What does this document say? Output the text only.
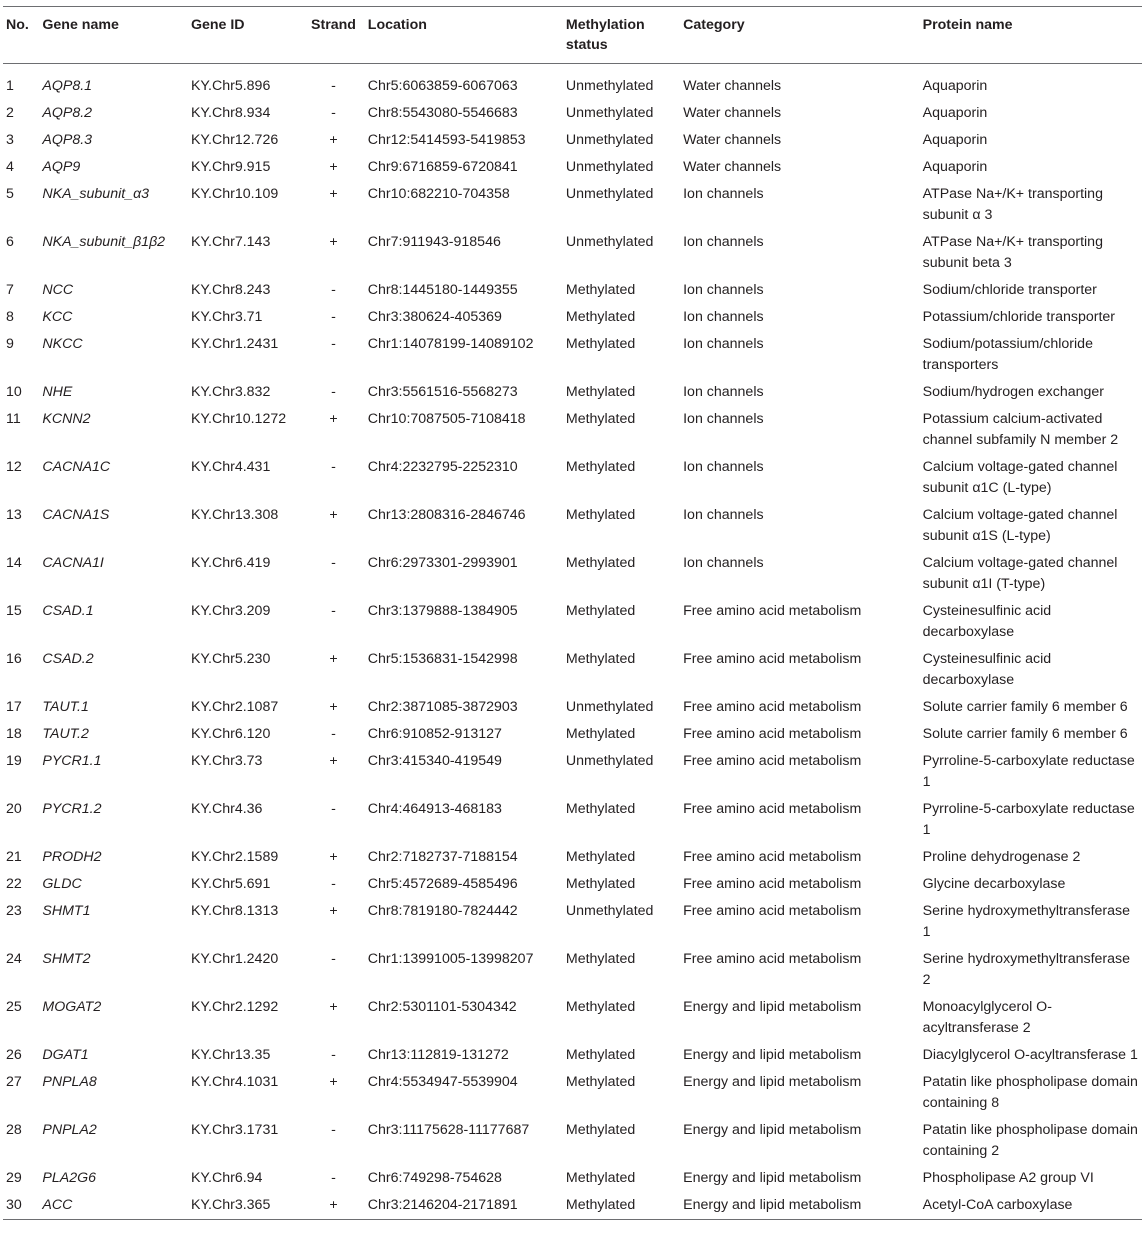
No.	Gene name	Gene ID	Strand	Location	Methylation status	Category	Protein name
1	AQP8.1	KY.Chr5.896	-	Chr5:6063859-6067063	Unmethylated	Water channels	Aquaporin
2	AQP8.2	KY.Chr8.934	-	Chr8:5543080-5546683	Unmethylated	Water channels	Aquaporin
3	AQP8.3	KY.Chr12.726	+	Chr12:5414593-5419853	Unmethylated	Water channels	Aquaporin
4	AQP9	KY.Chr9.915	+	Chr9:6716859-6720841	Unmethylated	Water channels	Aquaporin
5	NKA_subunit_α3	KY.Chr10.109	+	Chr10:682210-704358	Unmethylated	Ion channels	ATPase Na+/K+ transporting subunit α 3
6	NKA_subunit_β1β2	KY.Chr7.143	+	Chr7:911943-918546	Unmethylated	Ion channels	ATPase Na+/K+ transporting subunit beta 3
7	NCC	KY.Chr8.243	-	Chr8:1445180-1449355	Methylated	Ion channels	Sodium/chloride transporter
8	KCC	KY.Chr3.71	-	Chr3:380624-405369	Methylated	Ion channels	Potassium/chloride transporter
9	NKCC	KY.Chr1.2431	-	Chr1:14078199-14089102	Methylated	Ion channels	Sodium/potassium/chloride transporters
10	NHE	KY.Chr3.832	-	Chr3:5561516-5568273	Methylated	Ion channels	Sodium/hydrogen exchanger
11	KCNN2	KY.Chr10.1272	+	Chr10:7087505-7108418	Methylated	Ion channels	Potassium calcium-activated channel subfamily N member 2
12	CACNA1C	KY.Chr4.431	-	Chr4:2232795-2252310	Methylated	Ion channels	Calcium voltage-gated channel subunit α1C (L-type)
13	CACNA1S	KY.Chr13.308	+	Chr13:2808316-2846746	Methylated	Ion channels	Calcium voltage-gated channel subunit α1S (L-type)
14	CACNA1I	KY.Chr6.419	-	Chr6:2973301-2993901	Methylated	Ion channels	Calcium voltage-gated channel subunit α1I (T-type)
15	CSAD.1	KY.Chr3.209	-	Chr3:1379888-1384905	Methylated	Free amino acid metabolism	Cysteinesulfinic acid decarboxylase
16	CSAD.2	KY.Chr5.230	+	Chr5:1536831-1542998	Methylated	Free amino acid metabolism	Cysteinesulfinic acid decarboxylase
17	TAUT.1	KY.Chr2.1087	+	Chr2:3871085-3872903	Unmethylated	Free amino acid metabolism	Solute carrier family 6 member 6
18	TAUT.2	KY.Chr6.120	-	Chr6:910852-913127	Methylated	Free amino acid metabolism	Solute carrier family 6 member 6
19	PYCR1.1	KY.Chr3.73	+	Chr3:415340-419549	Unmethylated	Free amino acid metabolism	Pyrroline-5-carboxylate reductase 1
20	PYCR1.2	KY.Chr4.36	-	Chr4:464913-468183	Methylated	Free amino acid metabolism	Pyrroline-5-carboxylate reductase 1
21	PRODH2	KY.Chr2.1589	+	Chr2:7182737-7188154	Methylated	Free amino acid metabolism	Proline dehydrogenase 2
22	GLDC	KY.Chr5.691	-	Chr5:4572689-4585496	Methylated	Free amino acid metabolism	Glycine decarboxylase
23	SHMT1	KY.Chr8.1313	+	Chr8:7819180-7824442	Unmethylated	Free amino acid metabolism	Serine hydroxymethyltransferase 1
24	SHMT2	KY.Chr1.2420	-	Chr1:13991005-13998207	Methylated	Free amino acid metabolism	Serine hydroxymethyltransferase 2
25	MOGAT2	KY.Chr2.1292	+	Chr2:5301101-5304342	Methylated	Energy and lipid metabolism	Monoacylglycerol O-acyltransferase 2
26	DGAT1	KY.Chr13.35	-	Chr13:112819-131272	Methylated	Energy and lipid metabolism	Diacylglycerol O-acyltransferase 1
27	PNPLA8	KY.Chr4.1031	+	Chr4:5534947-5539904	Methylated	Energy and lipid metabolism	Patatin like phospholipase domain containing 8
28	PNPLA2	KY.Chr3.1731	-	Chr3:11175628-11177687	Methylated	Energy and lipid metabolism	Patatin like phospholipase domain containing 2
29	PLA2G6	KY.Chr6.94	-	Chr6:749298-754628	Methylated	Energy and lipid metabolism	Phospholipase A2 group VI
30	ACC	KY.Chr3.365	+	Chr3:2146204-2171891	Methylated	Energy and lipid metabolism	Acetyl-CoA carboxylase
